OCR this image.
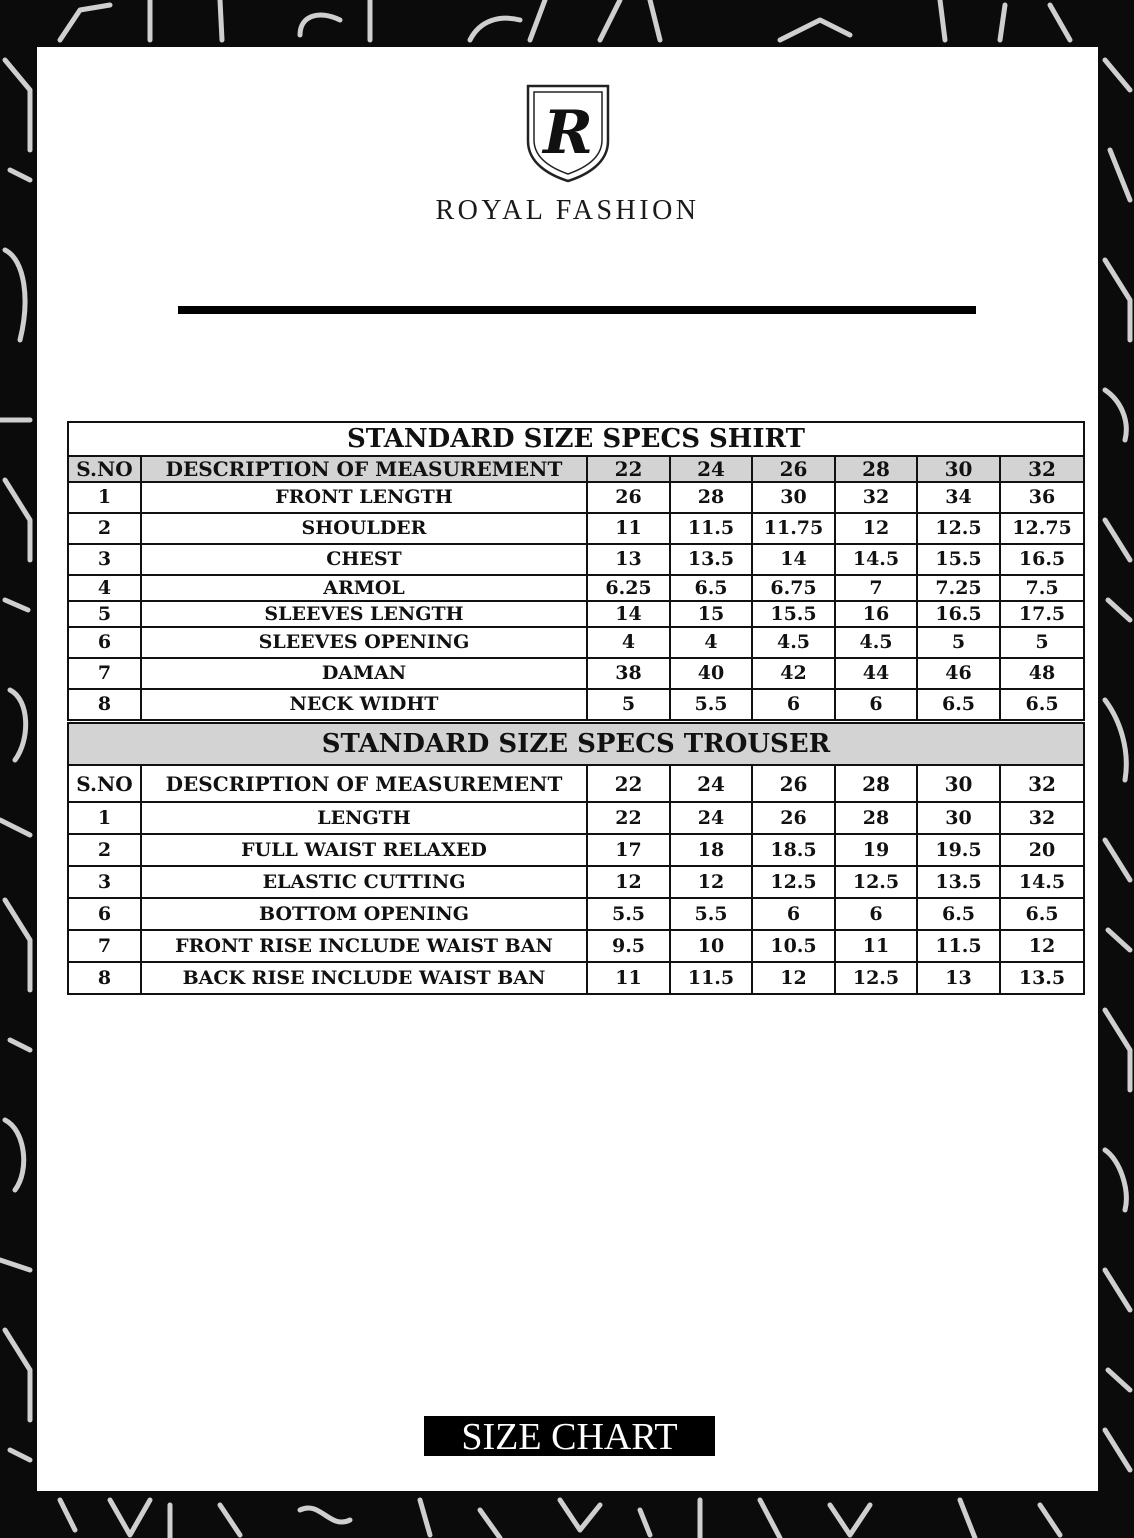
R
ROYAL FASHION
STANDARD SIZE SPECS SHIRT							
S.NO	DESCRIPTION OF MEASUREMENT	22	24	26	28	30	32
1	FRONT LENGTH	26	28	30	32	34	36
2	SHOULDER	11	11.5	11.75	12	12.5	12.75
3	CHEST	13	13.5	14	14.5	15.5	16.5
4	ARMOL	6.25	6.5	6.75	7	7.25	7.5
5	SLEEVES LENGTH	14	15	15.5	16	16.5	17.5
6	SLEEVES OPENING	4	4	4.5	4.5	5	5
7	DAMAN	38	40	42	44	46	48
8	NECK WIDHT	5	5.5	6	6	6.5	6.5
STANDARD SIZE SPECS TROUSER							
S.NO	DESCRIPTION OF MEASUREMENT	22	24	26	28	30	32
1	LENGTH	22	24	26	28	30	32
2	FULL WAIST RELAXED	17	18	18.5	19	19.5	20
3	ELASTIC CUTTING	12	12	12.5	12.5	13.5	14.5
6	BOTTOM OPENING	5.5	5.5	6	6	6.5	6.5
7	FRONT RISE INCLUDE WAIST BAN	9.5	10	10.5	11	11.5	12
8	BACK RISE INCLUDE WAIST BAN	11	11.5	12	12.5	13	13.5
SIZE CHART
